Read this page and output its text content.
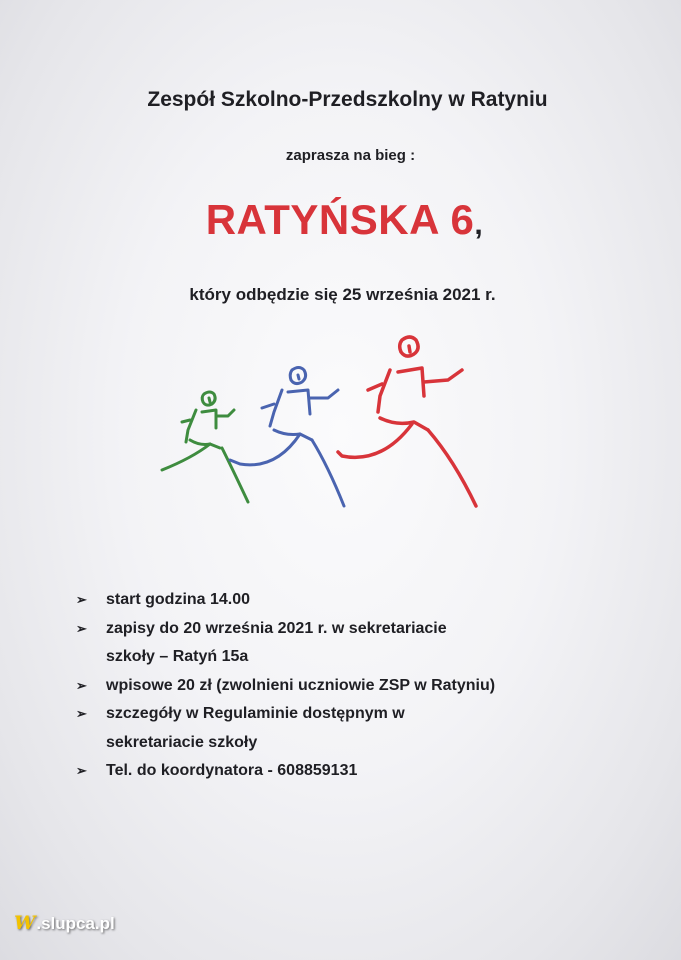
Zespół Szkolno-Przedszkolny w Ratyniu
zaprasza na bieg :
RATYŃSKA 6,
który odbędzie się 25 września 2021 r.
➢ start godzina 14.00
➢ zapisy do 20 września 2021 r. w sekretariacie
szkoły – Ratyń 15a
➢ wpisowe 20 zł (zwolnieni uczniowie ZSP w Ratyniu)
➢ szczegóły w Regulaminie dostępnym w
sekretariacie szkoły
➢ Tel. do koordynatora - 608859131
W.slupca.pl
